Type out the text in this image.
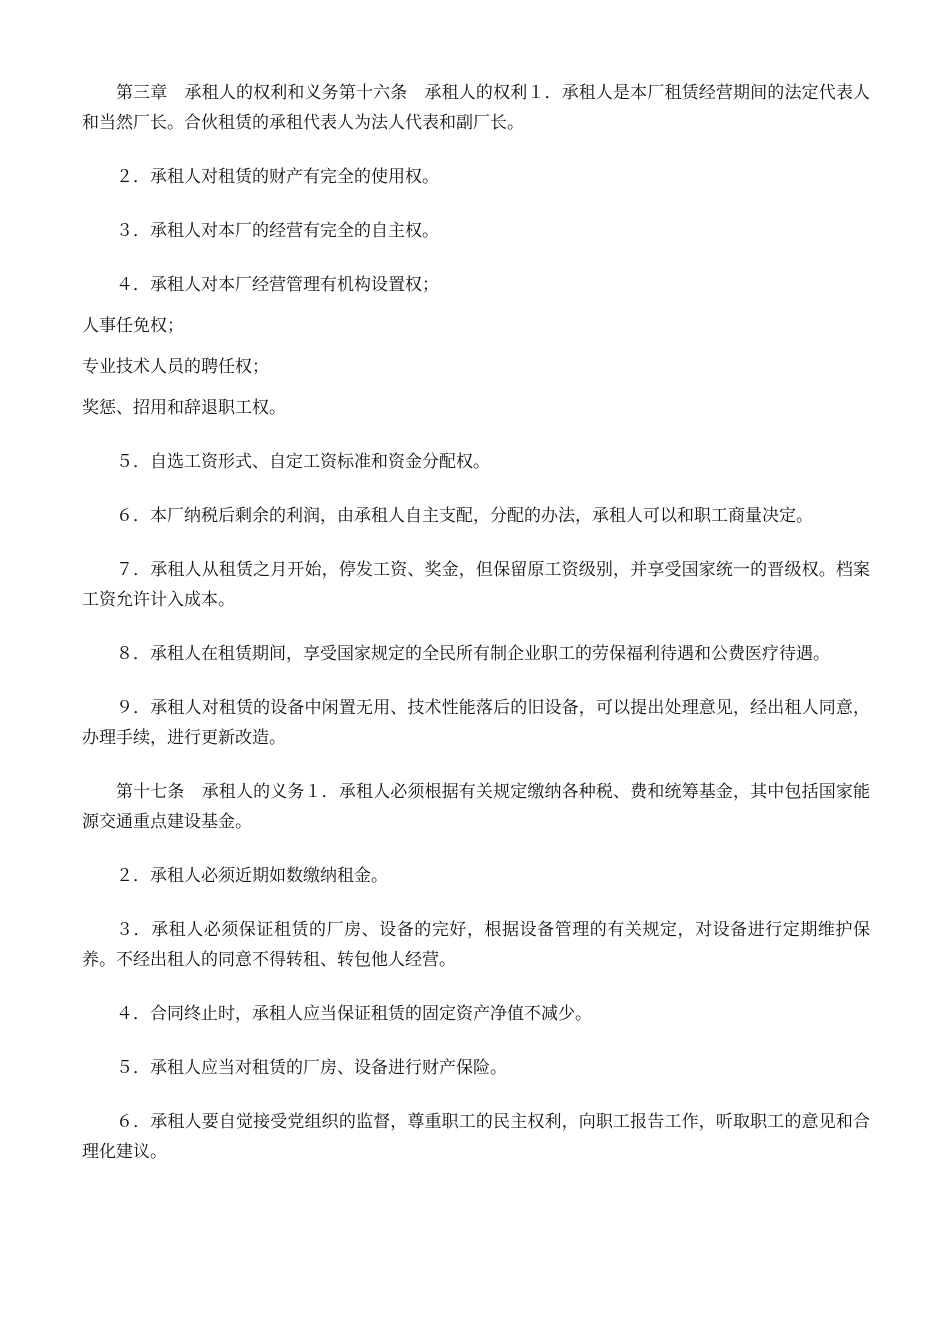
第三章　承租人的权利和义务第十六条　承租人的权利１．承租人是本厂租赁经营期间的法定代表人和当然厂长。合伙租赁的承租代表人为法人代表和副厂长。

２．承租人对租赁的财产有完全的使用权。

３．承租人对本厂的经营有完全的自主权。

４．承租人对本厂经营管理有机构设置权；

人事任免权；

专业技术人员的聘任权；

奖惩、招用和辞退职工权。

５．自选工资形式、自定工资标准和资金分配权。

６．本厂纳税后剩余的利润，由承租人自主支配，分配的办法，承租人可以和职工商量决定。

７．承租人从租赁之月开始，停发工资、奖金，但保留原工资级别，并享受国家统一的晋级权。档案工资允许计入成本。

８．承租人在租赁期间，享受国家规定的全民所有制企业职工的劳保福利待遇和公费医疗待遇。

９．承租人对租赁的设备中闲置无用、技术性能落后的旧设备，可以提出处理意见，经出租人同意，办理手续，进行更新改造。

第十七条　承租人的义务１．承租人必须根据有关规定缴纳各种税、费和统筹基金，其中包括国家能源交通重点建设基金。

２．承租人必须近期如数缴纳租金。

３．承租人必须保证租赁的厂房、设备的完好，根据设备管理的有关规定，对设备进行定期维护保养。不经出租人的同意不得转租、转包他人经营。

４．合同终止时，承租人应当保证租赁的固定资产净值不减少。

５．承租人应当对租赁的厂房、设备进行财产保险。

６．承租人要自觉接受党组织的监督，尊重职工的民主权利，向职工报告工作，听取职工的意见和合理化建议。
